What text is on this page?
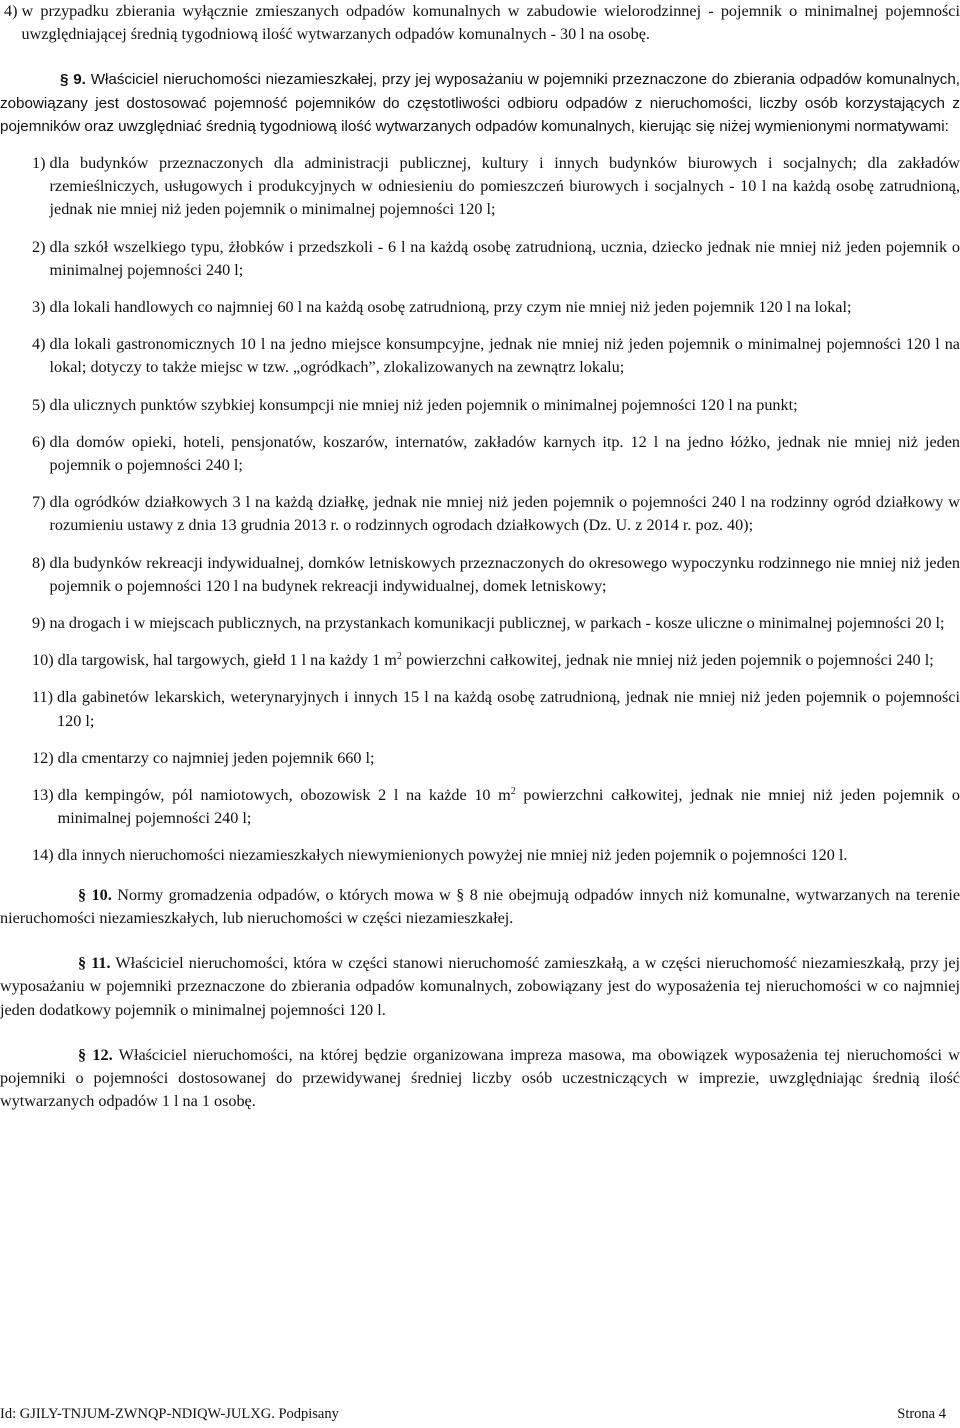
4) w przypadku zbierania wyłącznie zmieszanych odpadów komunalnych w zabudowie wielorodzinnej - pojemnik o minimalnej pojemności uwzględniającej średnią tygodniową ilość wytwarzanych odpadów komunalnych - 30 l na osobę.

§ 9. Właściciel nieruchomości niezamieszkałej, przy jej wyposażaniu w pojemniki przeznaczone do zbierania odpadów komunalnych, zobowiązany jest dostosować pojemność pojemników do częstotliwości odbioru odpadów z nieruchomości, liczby osób korzystających z pojemników oraz uwzględniać średnią tygodniową ilość wytwarzanych odpadów komunalnych, kierując się niżej wymienionymi normatywami:

1) dla budynków przeznaczonych dla administracji publicznej, kultury i innych budynków biurowych i socjalnych; dla zakładów rzemieślniczych, usługowych i produkcyjnych w odniesieniu do pomieszczeń biurowych i socjalnych - 10 l na każdą osobę zatrudnioną, jednak nie mniej niż jeden pojemnik o minimalnej pojemności 120 l;
2) dla szkół wszelkiego typu, żłobków i przedszkoli - 6 l na każdą osobę zatrudnioną, ucznia, dziecko jednak nie mniej niż jeden pojemnik o minimalnej pojemności 240 l;
3) dla lokali handlowych co najmniej 60 l na każdą osobę zatrudnioną, przy czym nie mniej niż jeden pojemnik 120 l na lokal;
4) dla lokali gastronomicznych 10 l na jedno miejsce konsumpcyjne, jednak nie mniej niż jeden pojemnik o minimalnej pojemności 120 l na lokal; dotyczy to także miejsc w tzw. „ogródkach”, zlokalizowanych na zewnątrz lokalu;
5) dla ulicznych punktów szybkiej konsumpcji nie mniej niż jeden pojemnik o minimalnej pojemności 120 l na punkt;
6) dla domów opieki, hoteli, pensjonatów, koszarów, internatów, zakładów karnych itp. 12 l na jedno łóżko, jednak nie mniej niż jeden pojemnik o pojemności 240 l;
7) dla ogródków działkowych 3 l na każdą działkę, jednak nie mniej niż jeden pojemnik o pojemności 240 l na rodzinny ogród działkowy w rozumieniu ustawy z dnia 13 grudnia 2013 r. o rodzinnych ogrodach działkowych (Dz. U. z 2014 r. poz. 40);
8) dla budynków rekreacji indywidualnej, domków letniskowych przeznaczonych do okresowego wypoczynku rodzinnego nie mniej niż jeden pojemnik o pojemności 120 l na budynek rekreacji indywidualnej, domek letniskowy;
9) na drogach i w miejscach publicznych, na przystankach komunikacji publicznej, w parkach - kosze uliczne o minimalnej pojemności 20 l;
10) dla targowisk, hal targowych, giełd 1 l na każdy 1 $m^2$ powierzchni całkowitej, jednak nie mniej niż jeden pojemnik o pojemności 240 l;
11) dla gabinetów lekarskich, weterynaryjnych i innych 15 l na każdą osobę zatrudnioną, jednak nie mniej niż jeden pojemnik o pojemności 120 l;
12) dla cmentarzy co najmniej jeden pojemnik 660 l;
13) dla kempingów, pól namiotowych, obozowisk 2 l na każde 10 $m^2$ powierzchni całkowitej, jednak nie mniej niż jeden pojemnik o minimalnej pojemności 240 l;
14) dla innych nieruchomości niezamieszkałych niewymienionych powyżej nie mniej niż jeden pojemnik o pojemności 120 l.

§ 10. Normy gromadzenia odpadów, o których mowa w § 8 nie obejmują odpadów innych niż komunalne, wytwarzanych na terenie nieruchomości niezamieszkałych, lub nieruchomości w części niezamieszkałej.

§ 11. Właściciel nieruchomości, która w części stanowi nieruchomość zamieszkałą, a w części nieruchomość niezamieszkałą, przy jej wyposażaniu w pojemniki przeznaczone do zbierania odpadów komunalnych, zobowiązany jest do wyposażenia tej nieruchomości w co najmniej jeden dodatkowy pojemnik o minimalnej pojemności 120 l.

§ 12. Właściciel nieruchomości, na której będzie organizowana impreza masowa, ma obowiązek wyposażenia tej nieruchomości w pojemniki o pojemności dostosowanej do przewidywanej średniej liczby osób uczestniczących w imprezie, uwzględniając średnią ilość wytwarzanych odpadów 1 l na 1 osobę.

Id: GJILY-TNJUM-ZWNQP-NDIQW-JULXG. Podpisany	Strona 4
